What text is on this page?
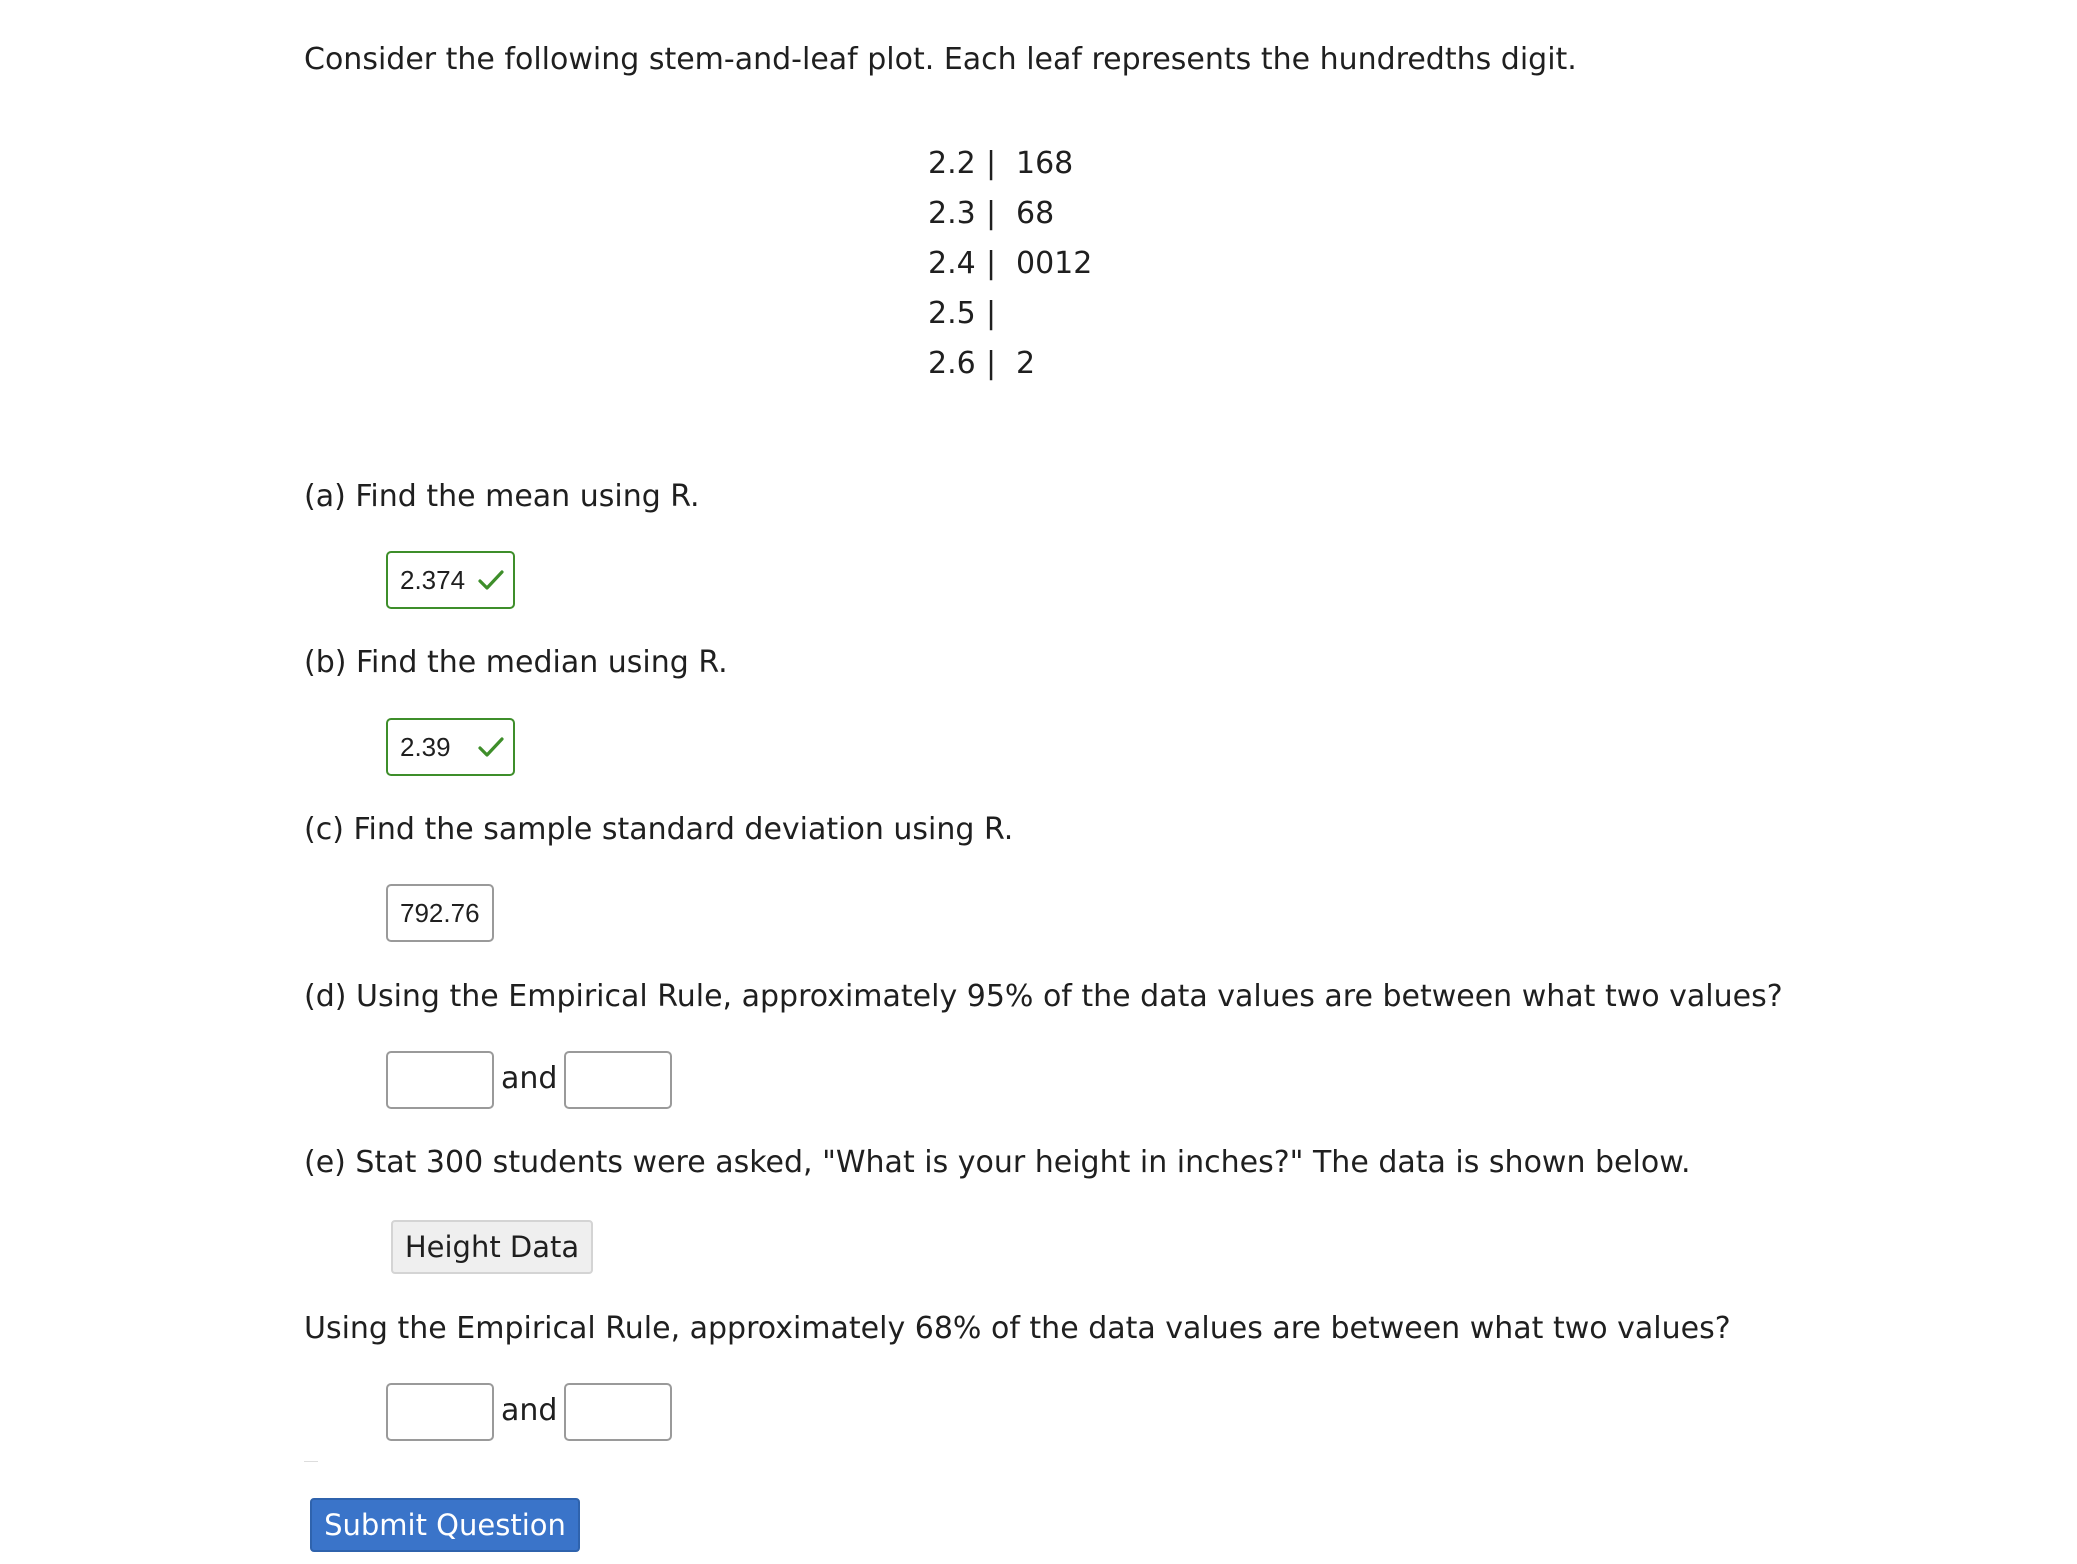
Consider the following stem-and-leaf plot. Each leaf represents the hundredths digit.
2.2 | 168
2.3 | 68
2.4 | 0012
2.5 |
2.6 | 2
(a) Find the mean using R.
2.374
(b) Find the median using R.
2.39
(c) Find the sample standard deviation using R.
792.76
(d) Using the Empirical Rule, approximately 95% of the data values are between what two values?
and
(e) Stat 300 students were asked, "What is your height in inches?" The data is shown below.
Height Data
Using the Empirical Rule, approximately 68% of the data values are between what two values?
and
Submit Question
